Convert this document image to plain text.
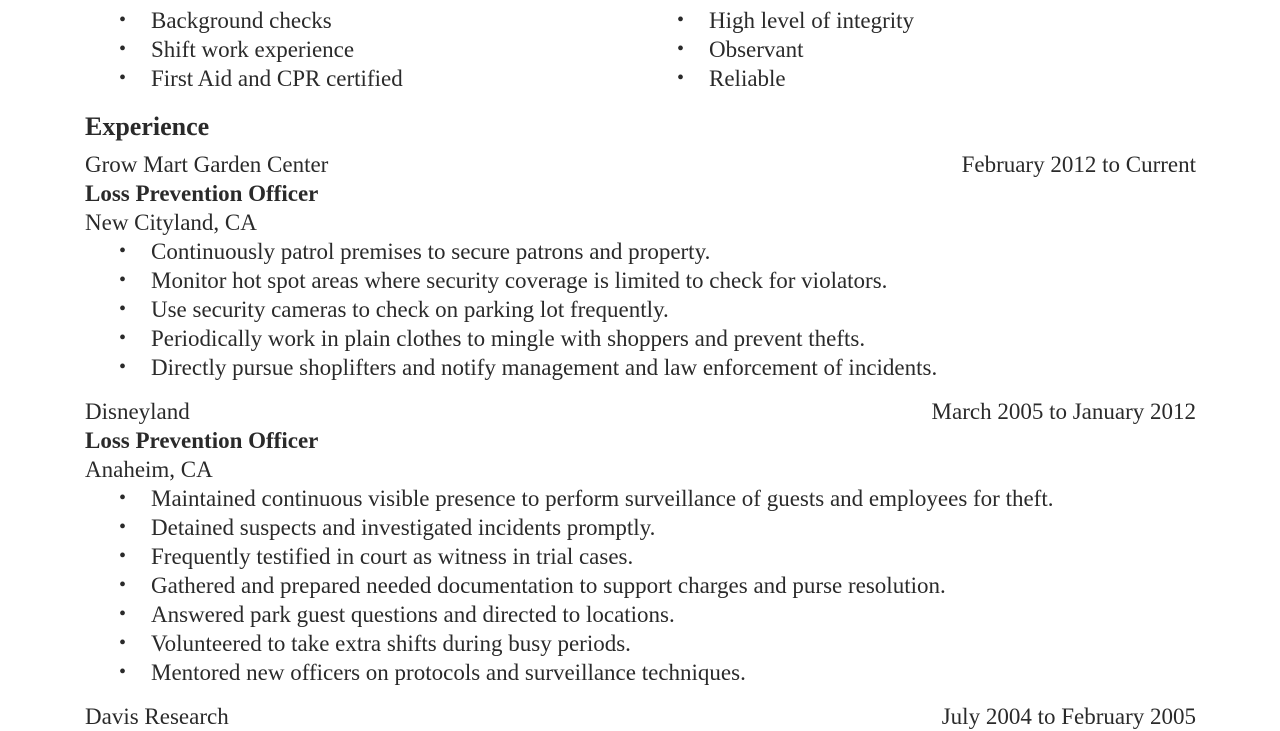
• Background checks
• Shift work experience
• First Aid and CPR certified
• High level of integrity
• Observant
• Reliable
Experience
Grow Mart Garden Center	February 2012 to Current
Loss Prevention Officer
New Cityland, CA
• Continuously patrol premises to secure patrons and property.
• Monitor hot spot areas where security coverage is limited to check for violators.
• Use security cameras to check on parking lot frequently.
• Periodically work in plain clothes to mingle with shoppers and prevent thefts.
• Directly pursue shoplifters and notify management and law enforcement of incidents.
Disneyland	March 2005 to January 2012
Loss Prevention Officer
Anaheim, CA
• Maintained continuous visible presence to perform surveillance of guests and employees for theft.
• Detained suspects and investigated incidents promptly.
• Frequently testified in court as witness in trial cases.
• Gathered and prepared needed documentation to support charges and purse resolution.
• Answered park guest questions and directed to locations.
• Volunteered to take extra shifts during busy periods.
• Mentored new officers on protocols and surveillance techniques.
Davis Research	July 2004 to February 2005
